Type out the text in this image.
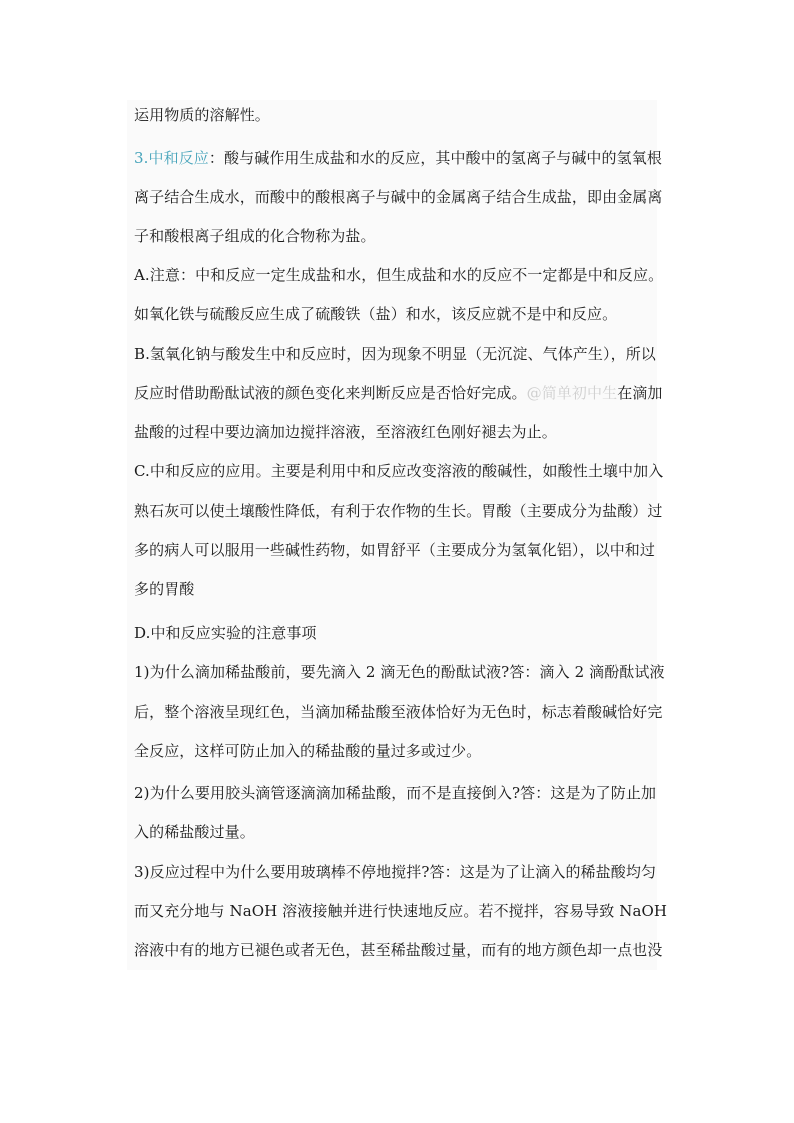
运用物质的溶解性。
3.中和反应：酸与碱作用生成盐和水的反应，其中酸中的氢离子与碱中的氢氧根
离子结合生成水，而酸中的酸根离子与碱中的金属离子结合生成盐，即由金属离
子和酸根离子组成的化合物称为盐。
A.注意：中和反应一定生成盐和水，但生成盐和水的反应不一定都是中和反应。
如氧化铁与硫酸反应生成了硫酸铁（盐）和水，该反应就不是中和反应。
B.氢氧化钠与酸发生中和反应时，因为现象不明显（无沉淀、气体产生），所以
反应时借助酚酞试液的颜色变化来判断反应是否恰好完成。@简单初中生在滴加
盐酸的过程中要边滴加边搅拌溶液，至溶液红色刚好褪去为止。
C.中和反应的应用。主要是利用中和反应改变溶液的酸碱性，如酸性土壤中加入
熟石灰可以使土壤酸性降低，有利于农作物的生长。胃酸（主要成分为盐酸）过
多的病人可以服用一些碱性药物，如胃舒平（主要成分为氢氧化铝），以中和过
多的胃酸
D.中和反应实验的注意事项
1)为什么滴加稀盐酸前，要先滴入 2 滴无色的酚酞试液?答：滴入 2 滴酚酞试液
后，整个溶液呈现红色，当滴加稀盐酸至液体恰好为无色时，标志着酸碱恰好完
全反应，这样可防止加入的稀盐酸的量过多或过少。
2)为什么要用胶头滴管逐滴滴加稀盐酸，而不是直接倒入?答：这是为了防止加
入的稀盐酸过量。
3)反应过程中为什么要用玻璃棒不停地搅拌?答：这是为了让滴入的稀盐酸均匀
而又充分地与 NaOH 溶液接触并进行快速地反应。若不搅拌，容易导致 NaOH
溶液中有的地方已褪色或者无色，甚至稀盐酸过量，而有的地方颜色却一点也没
